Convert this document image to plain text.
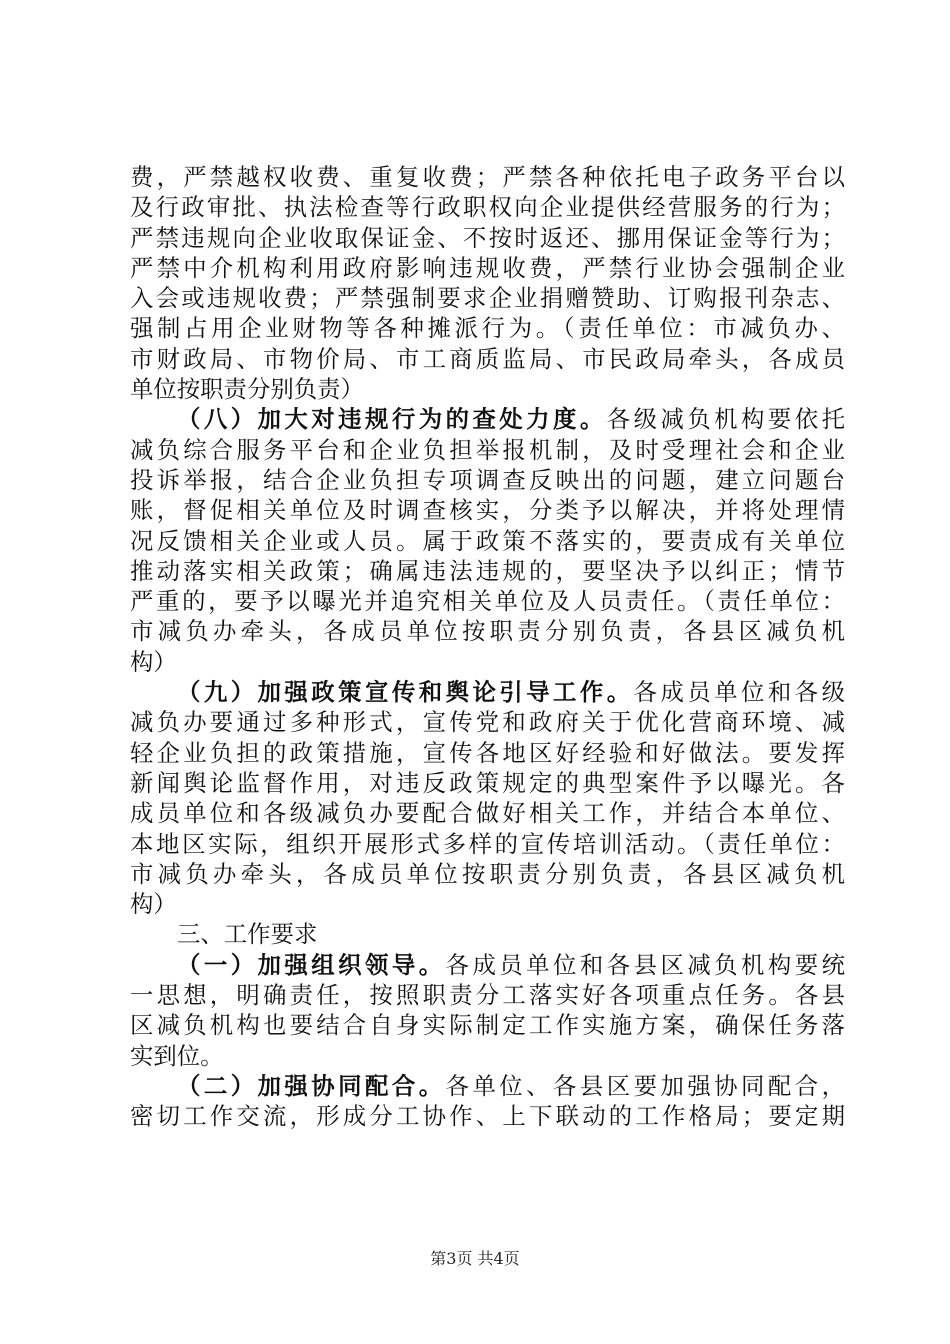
费，严禁越权收费、重复收费；严禁各种依托电子政务平台以
及行政审批、执法检查等行政职权向企业提供经营服务的行为；
严禁违规向企业收取保证金、不按时返还、挪用保证金等行为；
严禁中介机构利用政府影响违规收费，严禁行业协会强制企业
入会或违规收费；严禁强制要求企业捐赠赞助、订购报刊杂志、
强制占用企业财物等各种摊派行为。（责任单位：市减负办、
市财政局、市物价局、市工商质监局、市民政局牵头，各成员
单位按职责分别负责）
（八）加大对违规行为的查处力度。各级减负机构要依托
减负综合服务平台和企业负担举报机制，及时受理社会和企业
投诉举报，结合企业负担专项调查反映出的问题，建立问题台
账，督促相关单位及时调查核实，分类予以解决，并将处理情
况反馈相关企业或人员。属于政策不落实的，要责成有关单位
推动落实相关政策；确属违法违规的，要坚决予以纠正；情节
严重的，要予以曝光并追究相关单位及人员责任。（责任单位：
市减负办牵头，各成员单位按职责分别负责，各县区减负机
构）
（九）加强政策宣传和舆论引导工作。各成员单位和各级
减负办要通过多种形式，宣传党和政府关于优化营商环境、减
轻企业负担的政策措施，宣传各地区好经验和好做法。要发挥
新闻舆论监督作用，对违反政策规定的典型案件予以曝光。各
成员单位和各级减负办要配合做好相关工作，并结合本单位、
本地区实际，组织开展形式多样的宣传培训活动。（责任单位：
市减负办牵头，各成员单位按职责分别负责，各县区减负机
构）
三、工作要求
（一）加强组织领导。各成员单位和各县区减负机构要统
一思想，明确责任，按照职责分工落实好各项重点任务。各县
区减负机构也要结合自身实际制定工作实施方案，确保任务落
实到位。
（二）加强协同配合。各单位、各县区要加强协同配合，
密切工作交流，形成分工协作、上下联动的工作格局；要定期
第3页 共4页
